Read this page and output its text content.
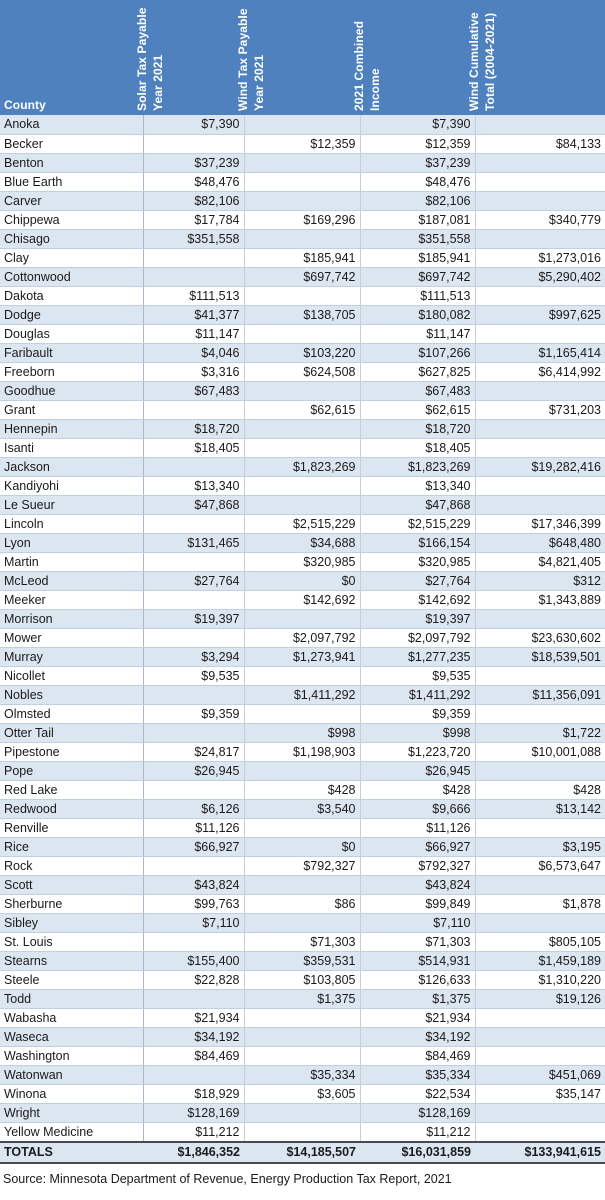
County	Solar Tax Payable Year 2021	Wind Tax Payable Year 2021	2021 Combined Income	Wind Cumulative Total (2004-2021)

Anoka	$7,390		$7,390	
Becker		$12,359	$12,359	$84,133
Benton	$37,239		$37,239	
Blue Earth	$48,476		$48,476	
Carver	$82,106		$82,106	
Chippewa	$17,784	$169,296	$187,081	$340,779
Chisago	$351,558		$351,558	
Clay		$185,941	$185,941	$1,273,016
Cottonwood		$697,742	$697,742	$5,290,402
Dakota	$111,513		$111,513	
Dodge	$41,377	$138,705	$180,082	$997,625
Douglas	$11,147		$11,147	
Faribault	$4,046	$103,220	$107,266	$1,165,414
Freeborn	$3,316	$624,508	$627,825	$6,414,992
Goodhue	$67,483		$67,483	
Grant		$62,615	$62,615	$731,203
Hennepin	$18,720		$18,720	
Isanti	$18,405		$18,405	
Jackson		$1,823,269	$1,823,269	$19,282,416
Kandiyohi	$13,340		$13,340	
Le Sueur	$47,868		$47,868	
Lincoln		$2,515,229	$2,515,229	$17,346,399
Lyon	$131,465	$34,688	$166,154	$648,480
Martin		$320,985	$320,985	$4,821,405
McLeod	$27,764	$0	$27,764	$312
Meeker		$142,692	$142,692	$1,343,889
Morrison	$19,397		$19,397	
Mower		$2,097,792	$2,097,792	$23,630,602
Murray	$3,294	$1,273,941	$1,277,235	$18,539,501
Nicollet	$9,535		$9,535	
Nobles		$1,411,292	$1,411,292	$11,356,091
Olmsted	$9,359		$9,359	
Otter Tail		$998	$998	$1,722
Pipestone	$24,817	$1,198,903	$1,223,720	$10,001,088
Pope	$26,945		$26,945	
Red Lake		$428	$428	$428
Redwood	$6,126	$3,540	$9,666	$13,142
Renville	$11,126		$11,126	
Rice	$66,927	$0	$66,927	$3,195
Rock		$792,327	$792,327	$6,573,647
Scott	$43,824		$43,824	
Sherburne	$99,763	$86	$99,849	$1,878
Sibley	$7,110		$7,110	
St. Louis		$71,303	$71,303	$805,105
Stearns	$155,400	$359,531	$514,931	$1,459,189
Steele	$22,828	$103,805	$126,633	$1,310,220
Todd		$1,375	$1,375	$19,126
Wabasha	$21,934		$21,934	
Waseca	$34,192		$34,192	
Washington	$84,469		$84,469	
Watonwan		$35,334	$35,334	$451,069
Winona	$18,929	$3,605	$22,534	$35,147
Wright	$128,169		$128,169	
Yellow Medicine	$11,212		$11,212	
TOTALS	$1,846,352	$14,185,507	$16,031,859	$133,941,615
Source: Minnesota Department of Revenue, Energy Production Tax Report, 2021
